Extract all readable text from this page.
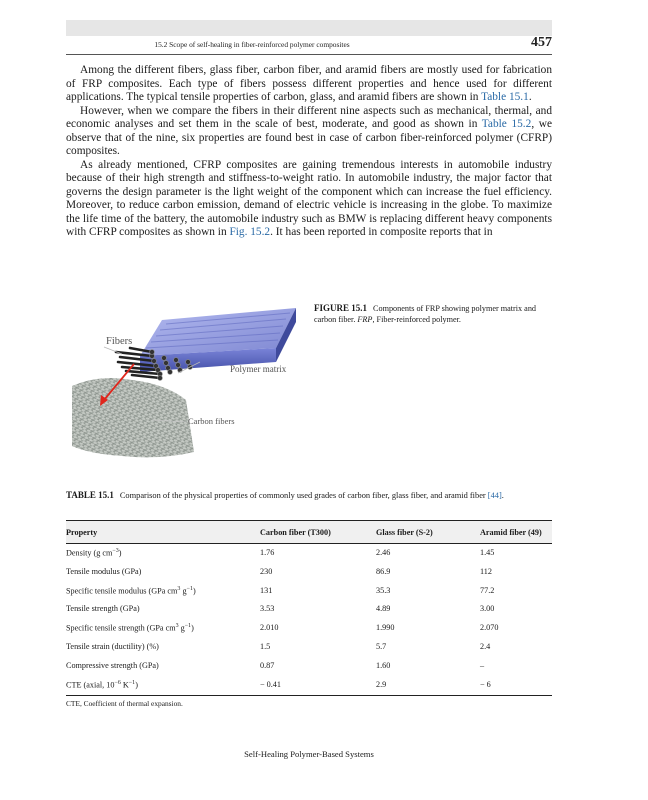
15.2 Scope of self-healing in fiber-reinforced polymer composites	457

Among the different fibers, glass fiber, carbon fiber, and aramid fibers are mostly used for fabrication of FRP composites. Each type of fibers possess different properties and hence used for different applications. The typical tensile properties of carbon, glass, and aramid fibers are shown in Table 15.1.

However, when we compare the fibers in their different nine aspects such as mechanical, thermal, and economic analyses and set them in the scale of best, moderate, and good as shown in Table 15.2, we observe that of the nine, six properties are found best in case of carbon fiber-reinforced polymer (CFRP) composites.

As already mentioned, CFRP composites are gaining tremendous interests in automobile industry because of their high strength and stiffness-to-weight ratio. In automobile industry, the major factor that governs the design parameter is the light weight of the component which can increase the fuel efficiency. Moreover, to reduce carbon emission, demand of electric vehicle is increasing in the globe. To maximize the life time of the battery, the automobile industry such as BMW is replacing different heavy components with CFRP composites as shown in Fig. 15.2. It has been reported in composite reports that in

FIGURE 15.1 Components of FRP showing polymer matrix and carbon fiber. FRP, Fiber-reinforced polymer.

Fibers
Polymer matrix
Carbon fibers

TABLE 15.1 Comparison of the physical properties of commonly used grades of carbon fiber, glass fiber, and aramid fiber [44].

Property	Carbon fiber (T300)	Glass fiber (S-2)	Aramid fiber (49)
Density (g $cm^{-3}$)	1.76	2.46	1.45
Tensile modulus (GPa)	230	86.9	112
Specific tensile modulus (GPa $cm^3$ $g^{-1}$)	131	35.3	77.2
Tensile strength (GPa)	3.53	4.89	3.00
Specific tensile strength (GPa $cm^3$ $g^{-1}$)	2.010	1.990	2.070
Tensile strain (ductility) (%)	1.5	5.7	2.4
Compressive strength (GPa)	0.87	1.60	–
CTE (axial, $10^{-6}$ $K^{-1}$)	− 0.41	2.9	− 6
CTE, Coefficient of thermal expansion.
Self-Healing Polymer-Based Systems
